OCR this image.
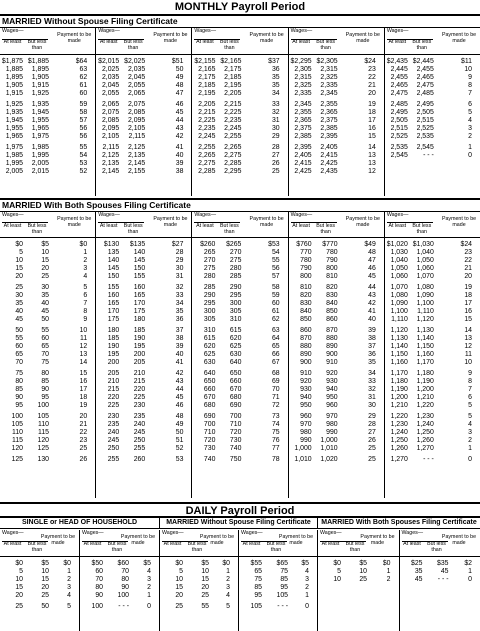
MONTHLY Payroll Period
MARRIED Without Spouse Filing Certificate
Wages—
At least	But less than
Payment to be made
$1,875 $1,885	$64
1,885	1,895	63
1,895	1,905	62
1,905	1,915	61
1,915	1,925	60
1,925	1,935	59
1,935	1,945	58
1,945	1,955	57
1,955	1,965	56
1,965	1,975	56
1,975	1,985	55
1,985	1,995	54
1,995	2,005	53
2,005	2,015	52
Wages—
At least	But less than
Payment to be made
$2,015 $2,025	$51
2,025	2,035	50
2,035	2,045	49
2,045	2,055	48
2,055	2,065	47
2,065	2,075	46
2,075	2,085	45
2,085	2,095	44
2,095	2,105	43
2,105	2,115	42
2,115	2,125	41
2,125	2,135	40
2,135	2,145	39
2,145	2,155	38
Wages—
At least	But less than
Payment to be made
$2,155 $2,165	$37
2,165	2,175	36
2,175	2,185	35
2,185	2,195	35
2,195	2,205	34
2,205	2,215	33
2,215	2,225	32
2,225	2,235	31
2,235	2,245	30
2,245	2,255	29
2,255	2,265	28
2,265	2,275	27
2,275	2,285	26
2,285	2,295	25
Wages—
At least	But less than
Payment to be made
$2,295 $2,305	$24
2,305	2,315	23
2,315	2,325	22
2,325	2,335	21
2,335	2,345	20
2,345	2,355	19
2,355	2,365	18
2,365	2,375	17
2,375	2,385	16
2,385	2,395	15
2,395	2,405	14
2,405	2,415	13
2,415	2,425	13
2,425	2,435	12
Wages—
At least	But less than
Payment to be made
$2,435 $2,445	$11
2,445	2,455	10
2,455	2,465	9
2,465	2,475	8
2,475	2,485	7
2,485	2,495	6
2,495	2,505	5
2,505	2,515	4
2,515	2,525	3
2,525	2,535	2
2,535	2,545	1
2,545	- - -	0
MARRIED With Both Spouses Filing Certificate
Wages—
At least	But less than
Payment to be made
$0	$5	$0
5	10	1
10	15	2
15	20	3
20	25	4
25	30	5
30	35	6
35	40	7
40	45	8
45	50	9
50	55	10
55	60	11
60	65	12
65	70	13
70	75	14
75	80	15
80	85	16
85	90	17
90	95	18
95	100	19
100	105	20
105	110	21
110	115	22
115	120	23
120	125	25
125	130	26
Wages—
At least	But less than
Payment to be made
$130	$135	$27
135	140	28
140	145	29
145	150	30
150	155	31
155	160	32
160	165	33
165	170	34
170	175	35
175	180	36
180	185	37
185	190	38
190	195	39
195	200	40
200	205	41
205	210	42
210	215	43
215	220	44
220	225	45
225	230	46
230	235	48
235	240	49
240	245	50
245	250	51
250	255	52
255	260	53
Wages—
At least	But less than
Payment to be made
$260	$265	$53
265	270	54
270	275	55
275	280	56
280	285	57
285	290	58
290	295	59
295	300	60
300	305	61
305	310	62
310	615	63
615	620	64
620	625	65
625	630	66
630	640	67
640	650	68
650	660	69
660	670	70
670	680	71
680	690	72
690	700	73
700	710	74
710	720	75
720	730	76
730	740	77
740	750	78
Wages—
At least	But less than
Payment to be made
$760	$770	$49
770	780	48
780	790	47
790	800	46
800	810	45
810	820	44
820	830	43
830	840	42
840	850	41
850	860	40
860	870	39
870	880	38
880	890	37
890	900	36
900	910	35
910	920	34
920	930	33
930	940	32
940	950	31
950	960	30
960	970	29
970	980	28
980	990	27
990	1,000	26
1,000	1,010	25
1,010	1,020	25
Wages—
At least	But less than
Payment to be made
$1,020 $1,030	$24
1,030	1,040	23
1,040	1,050	22
1,050	1,060	21
1,060	1,070	20
1,070	1,080	19
1,080	1,090	18
1,090	1,100	17
1,100	1,110	16
1,110	1,120	15
1,120	1,130	14
1,130	1,140	13
1,140	1,150	12
1,150	1,160	11
1,160	1,170	10
1,170	1,180	9
1,180	1,190	8
1,190	1,200	7
1,200	1,210	6
1,210	1,220	5
1,220	1,230	5
1,230	1,240	4
1,240	1,250	3
1,250	1,260	2
1,260	1,270	1
1,270	- - -	0
DAILY Payroll Period
SINGLE or HEAD OF HOUSEHOLD	MARRIED Without Spouse Filing Certificate	MARRIED With Both Spouses Filing Certificate
Wages—
At least	But less than
Payment to be made
$0	$5	$0
5	10	1
10	15	2
15	20	3
20	25	4
25	50	5
Wages—
At least	But less than
Payment to be made
$50	$60	$5
60	70	4
70	80	3
80	90	2
90	100	1
100	- - -	0
Wages—
At least	But less than
Payment to be made
$0	$5	$0
5	10	1
10	15	2
15	20	3
20	25	4
25	55	5
Wages—
At least	But less than
Payment to be made
$55	$65	$5
65	75	4
75	85	3
85	95	2
95	105	1
105	- - -	0
Wages—
At least	But less than
Payment to be made
$0	$5	$0
5	10	1
10	25	2
Wages—
At least	But less than
Payment to be made
$25	$35	$2
35	45	1
45	- - -	0
